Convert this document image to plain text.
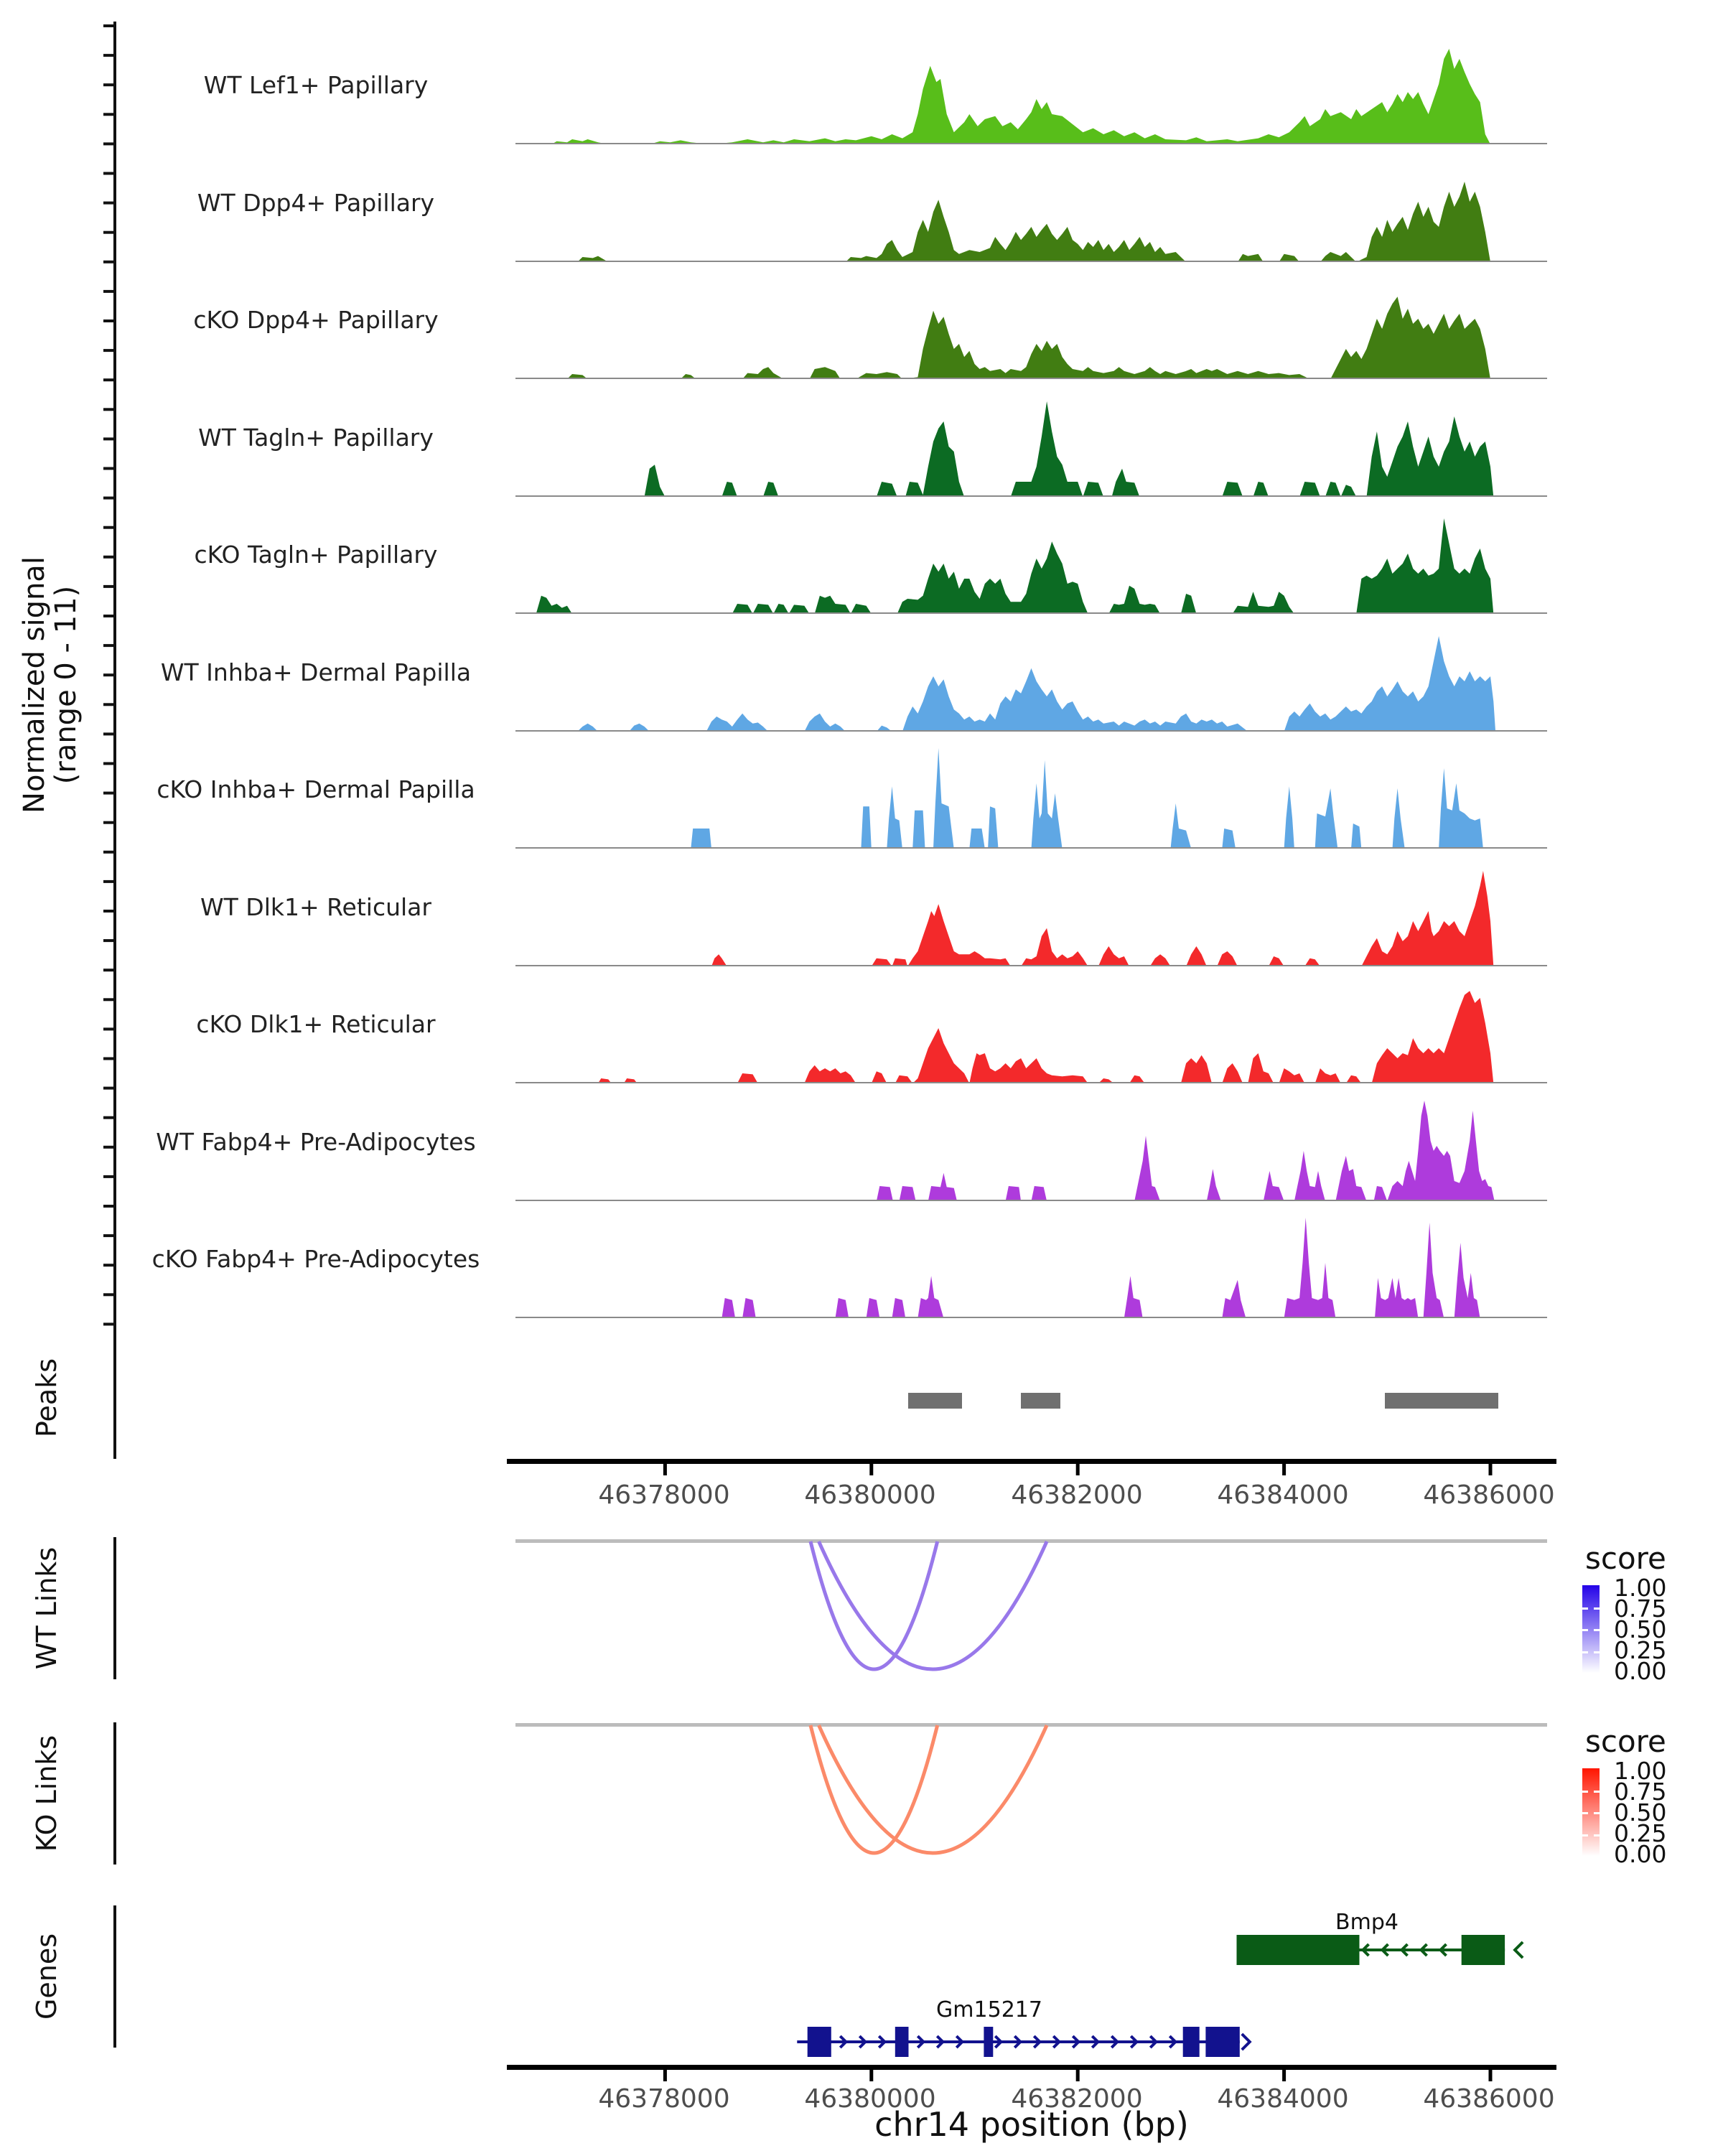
Normalized signal
(range 0 - 11)
Peaks
WT Links
KO Links
Genes
WT Lef1+ Papillary
WT Dpp4+ Papillary
cKO Dpp4+ Papillary
WT Tagln+ Papillary
cKO Tagln+ Papillary
WT Inhba+ Dermal Papilla
cKO Inhba+ Dermal Papilla
WT Dlk1+ Reticular
cKO Dlk1+ Reticular
WT Fabp4+ Pre-Adipocytes
cKO Fabp4+ Pre-Adipocytes
46378000	46380000	46382000	46384000	46386000
score
1.00
0.75
0.50
0.25
0.00
score
1.00
0.75
0.50
0.25
0.00
Bmp4
Gm15217
46378000	46380000	46382000	46384000	46386000
chr14 position (bp)
